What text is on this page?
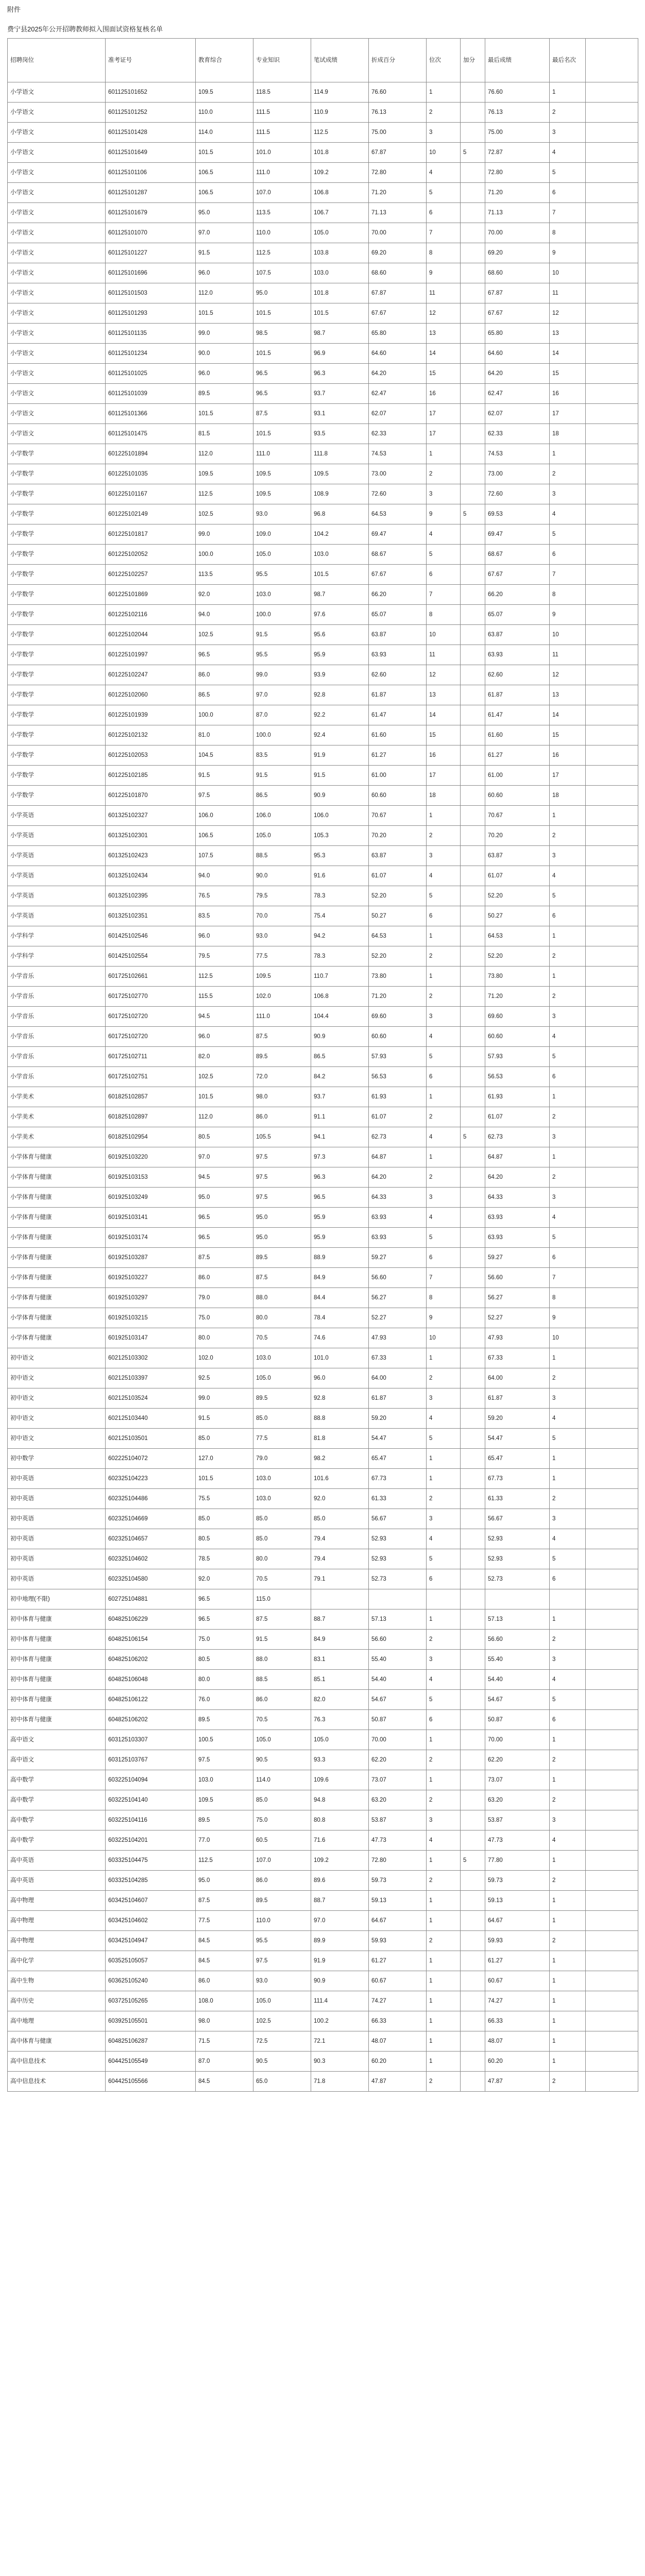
附件
费宁县2025年公开招聘教师拟入围面试资格复核名单
招聘岗位	准考证号	教育综合	专业知识	笔试成绩	折成百分	位次	加分	最后成绩	最后名次	
小学语文	601125101652	109.5	118.5	114.9	76.60	1		76.60	1	
小学语文	601125101252	110.0	111.5	110.9	76.13	2		76.13	2	
小学语文	601125101428	114.0	111.5	112.5	75.00	3		75.00	3	
小学语文	601125101649	101.5	101.0	101.8	67.87	10	5	72.87	4	
小学语文	601125101106	106.5	111.0	109.2	72.80	4		72.80	5	
小学语文	601125101287	106.5	107.0	106.8	71.20	5		71.20	6	
小学语文	601125101679	95.0	113.5	106.7	71.13	6		71.13	7	
小学语文	601125101070	97.0	110.0	105.0	70.00	7		70.00	8	
小学语文	601125101227	91.5	112.5	103.8	69.20	8		69.20	9	
小学语文	601125101696	96.0	107.5	103.0	68.60	9		68.60	10	
小学语文	601125101503	112.0	95.0	101.8	67.87	11		67.87	11	
小学语文	601125101293	101.5	101.5	101.5	67.67	12		67.67	12	
小学语文	601125101135	99.0	98.5	98.7	65.80	13		65.80	13	
小学语文	601125101234	90.0	101.5	96.9	64.60	14		64.60	14	
小学语文	601125101025	96.0	96.5	96.3	64.20	15		64.20	15	
小学语文	601125101039	89.5	96.5	93.7	62.47	16		62.47	16	
小学语文	601125101366	101.5	87.5	93.1	62.07	17		62.07	17	
小学语文	601125101475	81.5	101.5	93.5	62.33	17		62.33	18	
小学数学	601225101894	112.0	111.0	111.8	74.53	1		74.53	1	
小学数学	601225101035	109.5	109.5	109.5	73.00	2		73.00	2	
小学数学	601225101167	112.5	109.5	108.9	72.60	3		72.60	3	
小学数学	601225102149	102.5	93.0	96.8	64.53	9	5	69.53	4	
小学数学	601225101817	99.0	109.0	104.2	69.47	4		69.47	5	
小学数学	601225102052	100.0	105.0	103.0	68.67	5		68.67	6	
小学数学	601225102257	113.5	95.5	101.5	67.67	6		67.67	7	
小学数学	601225101869	92.0	103.0	98.7	66.20	7		66.20	8	
小学数学	601225102116	94.0	100.0	97.6	65.07	8		65.07	9	
小学数学	601225102044	102.5	91.5	95.6	63.87	10		63.87	10	
小学数学	601225101997	96.5	95.5	95.9	63.93	11		63.93	11	
小学数学	601225102247	86.0	99.0	93.9	62.60	12		62.60	12	
小学数学	601225102060	86.5	97.0	92.8	61.87	13		61.87	13	
小学数学	601225101939	100.0	87.0	92.2	61.47	14		61.47	14	
小学数学	601225102132	81.0	100.0	92.4	61.60	15		61.60	15	
小学数学	601225102053	104.5	83.5	91.9	61.27	16		61.27	16	
小学数学	601225102185	91.5	91.5	91.5	61.00	17		61.00	17	
小学数学	601225101870	97.5	86.5	90.9	60.60	18		60.60	18	
小学英语	601325102327	106.0	106.0	106.0	70.67	1		70.67	1	
小学英语	601325102301	106.5	105.0	105.3	70.20	2		70.20	2	
小学英语	601325102423	107.5	88.5	95.3	63.87	3		63.87	3	
小学英语	601325102434	94.0	90.0	91.6	61.07	4		61.07	4	
小学英语	601325102395	76.5	79.5	78.3	52.20	5		52.20	5	
小学英语	601325102351	83.5	70.0	75.4	50.27	6		50.27	6	
小学科学	601425102546	96.0	93.0	94.2	64.53	1		64.53	1	
小学科学	601425102554	79.5	77.5	78.3	52.20	2		52.20	2	
小学音乐	601725102661	112.5	109.5	110.7	73.80	1		73.80	1	
小学音乐	601725102770	115.5	102.0	106.8	71.20	2		71.20	2	
小学音乐	601725102720	94.5	111.0	104.4	69.60	3		69.60	3	
小学音乐	601725102720	96.0	87.5	90.9	60.60	4		60.60	4	
小学音乐	601725102711	82.0	89.5	86.5	57.93	5		57.93	5	
小学音乐	601725102751	102.5	72.0	84.2	56.53	6		56.53	6	
小学美术	601825102857	101.5	98.0	93.7	61.93	1		61.93	1	
小学美术	601825102897	112.0	86.0	91.1	61.07	2		61.07	2	
小学美术	601825102954	80.5	105.5	94.1	62.73	4	5	62.73	3	
小学体育与健康	601925103220	97.0	97.5	97.3	64.87	1		64.87	1	
小学体育与健康	601925103153	94.5	97.5	96.3	64.20	2		64.20	2	
小学体育与健康	601925103249	95.0	97.5	96.5	64.33	3		64.33	3	
小学体育与健康	601925103141	96.5	95.0	95.9	63.93	4		63.93	4	
小学体育与健康	601925103174	96.5	95.0	95.9	63.93	5		63.93	5	
小学体育与健康	601925103287	87.5	89.5	88.9	59.27	6		59.27	6	
小学体育与健康	601925103227	86.0	87.5	84.9	56.60	7		56.60	7	
小学体育与健康	601925103297	79.0	88.0	84.4	56.27	8		56.27	8	
小学体育与健康	601925103215	75.0	80.0	78.4	52.27	9		52.27	9	
小学体育与健康	601925103147	80.0	70.5	74.6	47.93	10		47.93	10	
初中语文	602125103302	102.0	103.0	101.0	67.33	1		67.33	1	
初中语文	602125103397	92.5	105.0	96.0	64.00	2		64.00	2	
初中语文	602125103524	99.0	89.5	92.8	61.87	3		61.87	3	
初中语文	602125103440	91.5	85.0	88.8	59.20	4		59.20	4	
初中语文	602125103501	85.0	77.5	81.8	54.47	5		54.47	5	
初中数学	602225104072	127.0	79.0	98.2	65.47	1		65.47	1	
初中英语	602325104223	101.5	103.0	101.6	67.73	1		67.73	1	
初中英语	602325104486	75.5	103.0	92.0	61.33	2		61.33	2	
初中英语	602325104669	85.0	85.0	85.0	56.67	3		56.67	3	
初中英语	602325104657	80.5	85.0	79.4	52.93	4		52.93	4	
初中英语	602325104602	78.5	80.0	79.4	52.93	5		52.93	5	
初中英语	602325104580	92.0	70.5	79.1	52.73	6		52.73	6	
初中地理(不限)	602725104881	96.5	115.0							
初中体育与健康	604825106229	96.5	87.5	88.7	57.13	1		57.13	1	
初中体育与健康	604825106154	75.0	91.5	84.9	56.60	2		56.60	2	
初中体育与健康	604825106202	80.5	88.0	83.1	55.40	3		55.40	3	
初中体育与健康	604825106048	80.0	88.5	85.1	54.40	4		54.40	4	
初中体育与健康	604825106122	76.0	86.0	82.0	54.67	5		54.67	5	
初中体育与健康	604825106202	89.5	70.5	76.3	50.87	6		50.87	6	
高中语文	603125103307	100.5	105.0	105.0	70.00	1		70.00	1	
高中语文	603125103767	97.5	90.5	93.3	62.20	2		62.20	2	
高中数学	603225104094	103.0	114.0	109.6	73.07	1		73.07	1	
高中数学	603225104140	109.5	85.0	94.8	63.20	2		63.20	2	
高中数学	603225104116	89.5	75.0	80.8	53.87	3		53.87	3	
高中数学	603225104201	77.0	60.5	71.6	47.73	4		47.73	4	
高中英语	603325104475	112.5	107.0	109.2	72.80	1	5	77.80	1	
高中英语	603325104285	95.0	86.0	89.6	59.73	2		59.73	2	
高中物理	603425104607	87.5	89.5	88.7	59.13	1		59.13	1	
高中物理	603425104602	77.5	110.0	97.0	64.67	1		64.67	1	
高中物理	603425104947	84.5	95.5	89.9	59.93	2		59.93	2	
高中化学	603525105057	84.5	97.5	91.9	61.27	1		61.27	1	
高中生物	603625105240	86.0	93.0	90.9	60.67	1		60.67	1	
高中历史	603725105265	108.0	105.0	111.4	74.27	1		74.27	1	
高中地理	603925105501	98.0	102.5	100.2	66.33	1		66.33	1	
高中体育与健康	604825106287	71.5	72.5	72.1	48.07	1		48.07	1	
高中信息技术	604425105549	87.0	90.5	90.3	60.20	1		60.20	1	
高中信息技术	604425105566	84.5	65.0	71.8	47.87	2		47.87	2	
